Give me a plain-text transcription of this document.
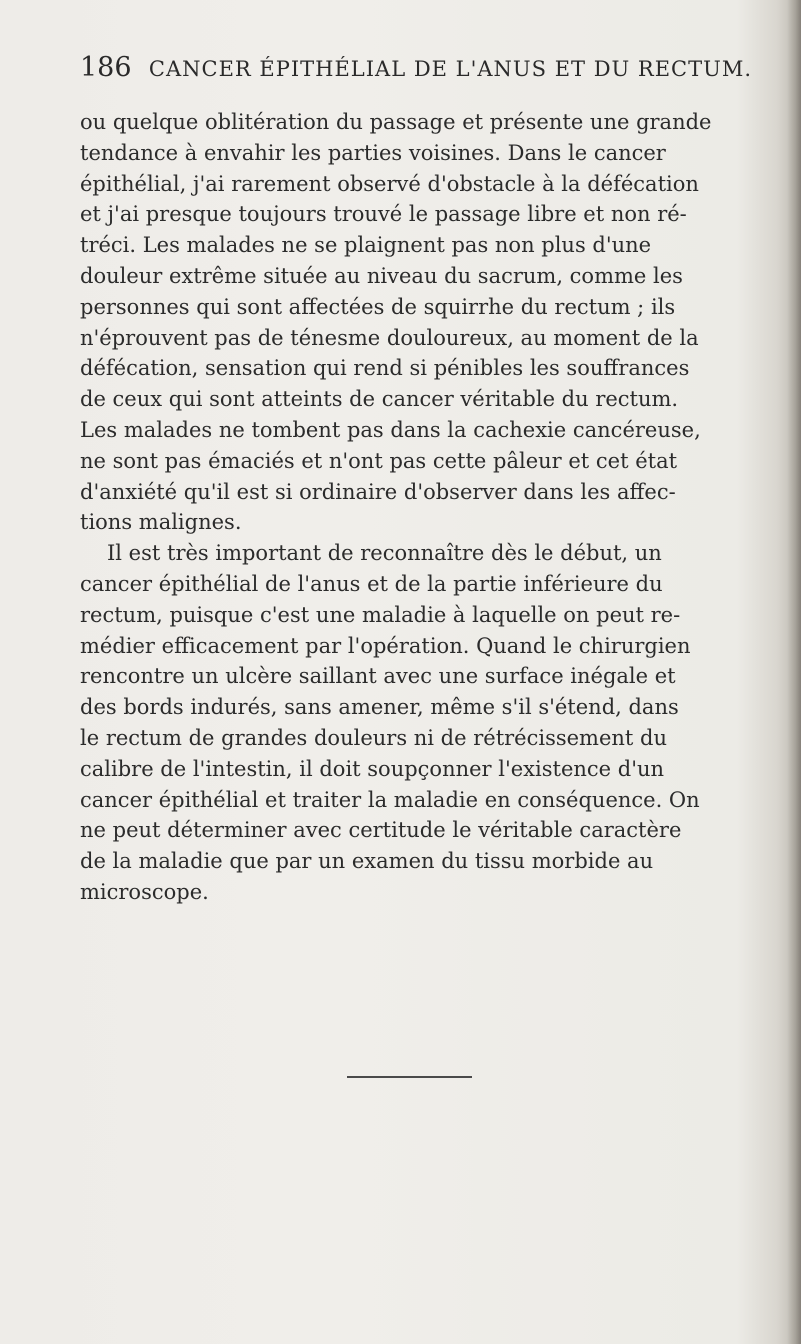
186 CANCER ÉPITHÉLIAL DE L'ANUS ET DU RECTUM.
ou quelque oblitération du passage et présente une grande
tendance à envahir les parties voisines. Dans le cancer
épithélial, j'ai rarement observé d'obstacle à la défécation
et j'ai presque toujours trouvé le passage libre et non ré-
tréci. Les malades ne se plaignent pas non plus d'une
douleur extrême située au niveau du sacrum, comme les
personnes qui sont affectées de squirrhe du rectum ; ils
n'éprouvent pas de ténesme douloureux, au moment de la
défécation, sensation qui rend si pénibles les souffrances
de ceux qui sont atteints de cancer véritable du rectum.
Les malades ne tombent pas dans la cachexie cancéreuse,
ne sont pas émaciés et n'ont pas cette pâleur et cet état
d'anxiété qu'il est si ordinaire d'observer dans les affec-
tions malignes.
Il est très important de reconnaître dès le début, un
cancer épithélial de l'anus et de la partie inférieure du
rectum, puisque c'est une maladie à laquelle on peut re-
médier efficacement par l'opération. Quand le chirurgien
rencontre un ulcère saillant avec une surface inégale et
des bords indurés, sans amener, même s'il s'étend, dans
le rectum de grandes douleurs ni de rétrécissement du
calibre de l'intestin, il doit soupçonner l'existence d'un
cancer épithélial et traiter la maladie en conséquence. On
ne peut déterminer avec certitude le véritable caractère
de la maladie que par un examen du tissu morbide au
microscope.
